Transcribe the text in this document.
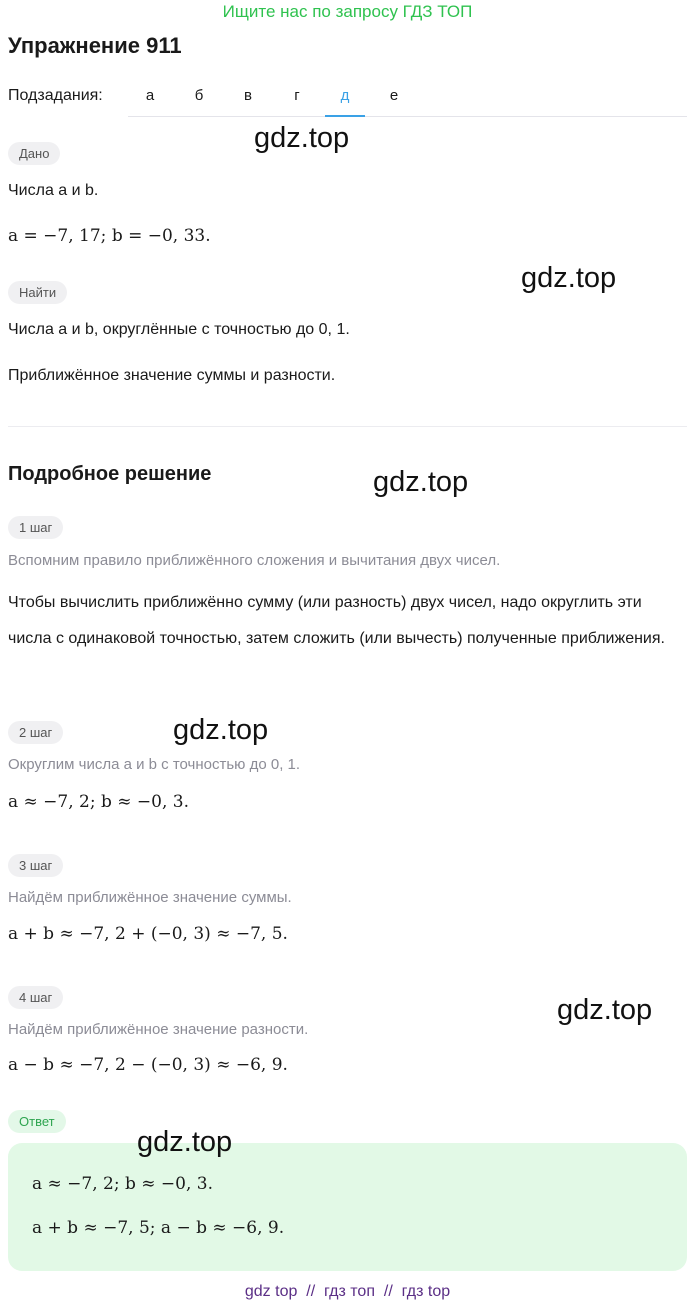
Ищите нас по запросу ГДЗ ТОП
Упражнение 911
Подзадания:	а	б	в	г	д	е
Дано
Числа a и b.
a = −7, 17; b = −0, 33.
Найти
Числа a и b, округлённые с точностью до 0, 1.
Приближённое значение суммы и разности.
Подробное решение
1 шаг
Вспомним правило приближённого сложения и вычитания двух чисел.
Чтобы вычислить приближённо сумму (или разность) двух чисел, надо округлить эти числа с одинаковой точностью, затем сложить (или вычесть) полученные приближения.
2 шаг
Округлим числа a и b с точностью до 0, 1.
a ≈ −7, 2; b ≈ −0, 3.
3 шаг
Найдём приближённое значение суммы.
a + b ≈ −7, 2 + (−0, 3) ≈ −7, 5.
4 шаг
Найдём приближённое значение разности.
a − b ≈ −7, 2 − (−0, 3) ≈ −6, 9.
Ответ
a ≈ −7, 2; b ≈ −0, 3.
a + b ≈ −7, 5; a − b ≈ −6, 9.
gdz.top
gdz.top
gdz.top
gdz.top
gdz.top
gdz.top
gdz top  //  гдз топ  //  гдз top
